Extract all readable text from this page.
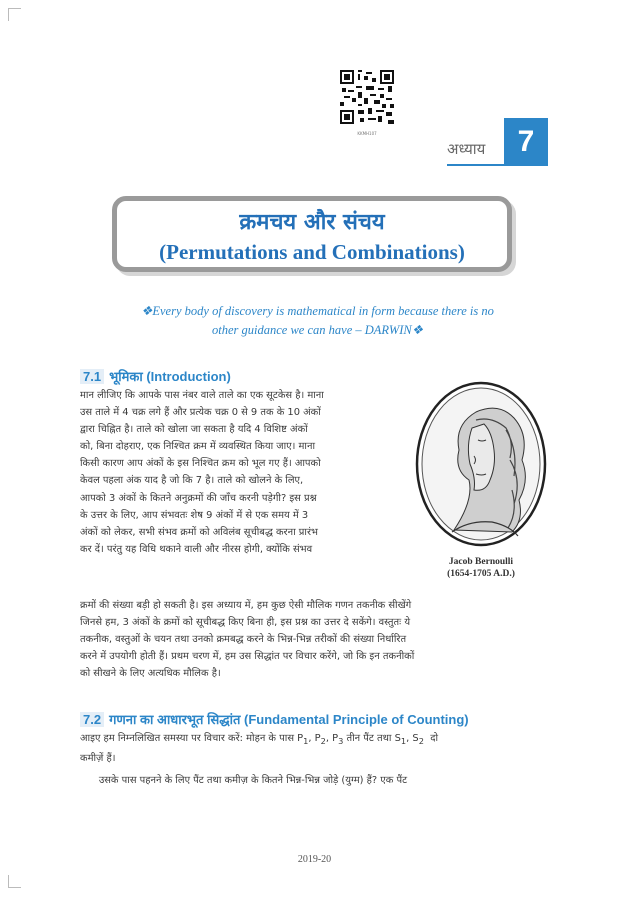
KKMH107
अध्याय	7
क्रमचय और संचय
(Permutations and Combinations)
❖Every body of discovery is mathematical in form because there is no
other guidance we can have – DARWIN❖
7.1 भूमिका (Introduction)
मान लीजिए कि आपके पास नंबर वाले ताले का एक सूटकेस है। माना
उस ताले में 4 चक्र लगे हैं और प्रत्येक चक्र 0 से 9 तक के 10 अंकों
द्वारा चिह्नित है। ताले को खोला जा सकता है यदि 4 विशिष्ट अंकों
को, बिना दोहराए, एक निश्चित क्रम में व्यवस्थित किया जाए। माना
किसी कारण आप अंकों के इस निश्चित क्रम को भूल गए हैं। आपको
केवल पहला अंक याद है जो कि 7 है। ताले को खोलने के लिए,
आपको 3 अंकों के कितने अनुक्रमों की जाँच करनी पड़ेगी? इस प्रश्न
के उत्तर के लिए, आप संभवतः शेष 9 अंकों में से एक समय में 3
अंकों को लेकर, सभी संभव क्रमों को अविलंब सूचीबद्ध करना प्रारंभ
कर दें। परंतु यह विधि थकाने वाली और नीरस होगी, क्योंकि संभव
Jacob Bernoulli
(1654-1705 A.D.)
क्रमों की संख्या बड़ी हो सकती है। इस अध्याय में, हम कुछ ऐसी मौलिक गणन तकनीक सीखेंगे
जिनसे हम, 3 अंकों के क्रमों को सूचीबद्ध किए बिना ही, इस प्रश्न का उत्तर दे सकेंगे। वस्तुतः ये
तकनीक, वस्तुओं के चयन तथा उनको क्रमबद्ध करने के भिन्न-भिन्न तरीकों की संख्या निर्धारित
करने में उपयोगी होती हैं। प्रथम चरण में, हम उस सिद्धांत पर विचार करेंगे, जो कि इन तकनीकों
को सीखने के लिए अत्यधिक मौलिक है।
7.2 गणना का आधारभूत सिद्धांत (Fundamental Principle of Counting)
आइए हम निम्नलिखित समस्या पर विचार करें: मोहन के पास $P_1$, $P_2$, $P_3$ तीन पैंट तथा $S_1$, $S_2$ दो
कमीज़ें हैं।
उसके पास पहनने के लिए पैंट तथा कमीज़ के कितने भिन्न-भिन्न जोड़े (युग्म) हैं? एक पैंट
2019-20
